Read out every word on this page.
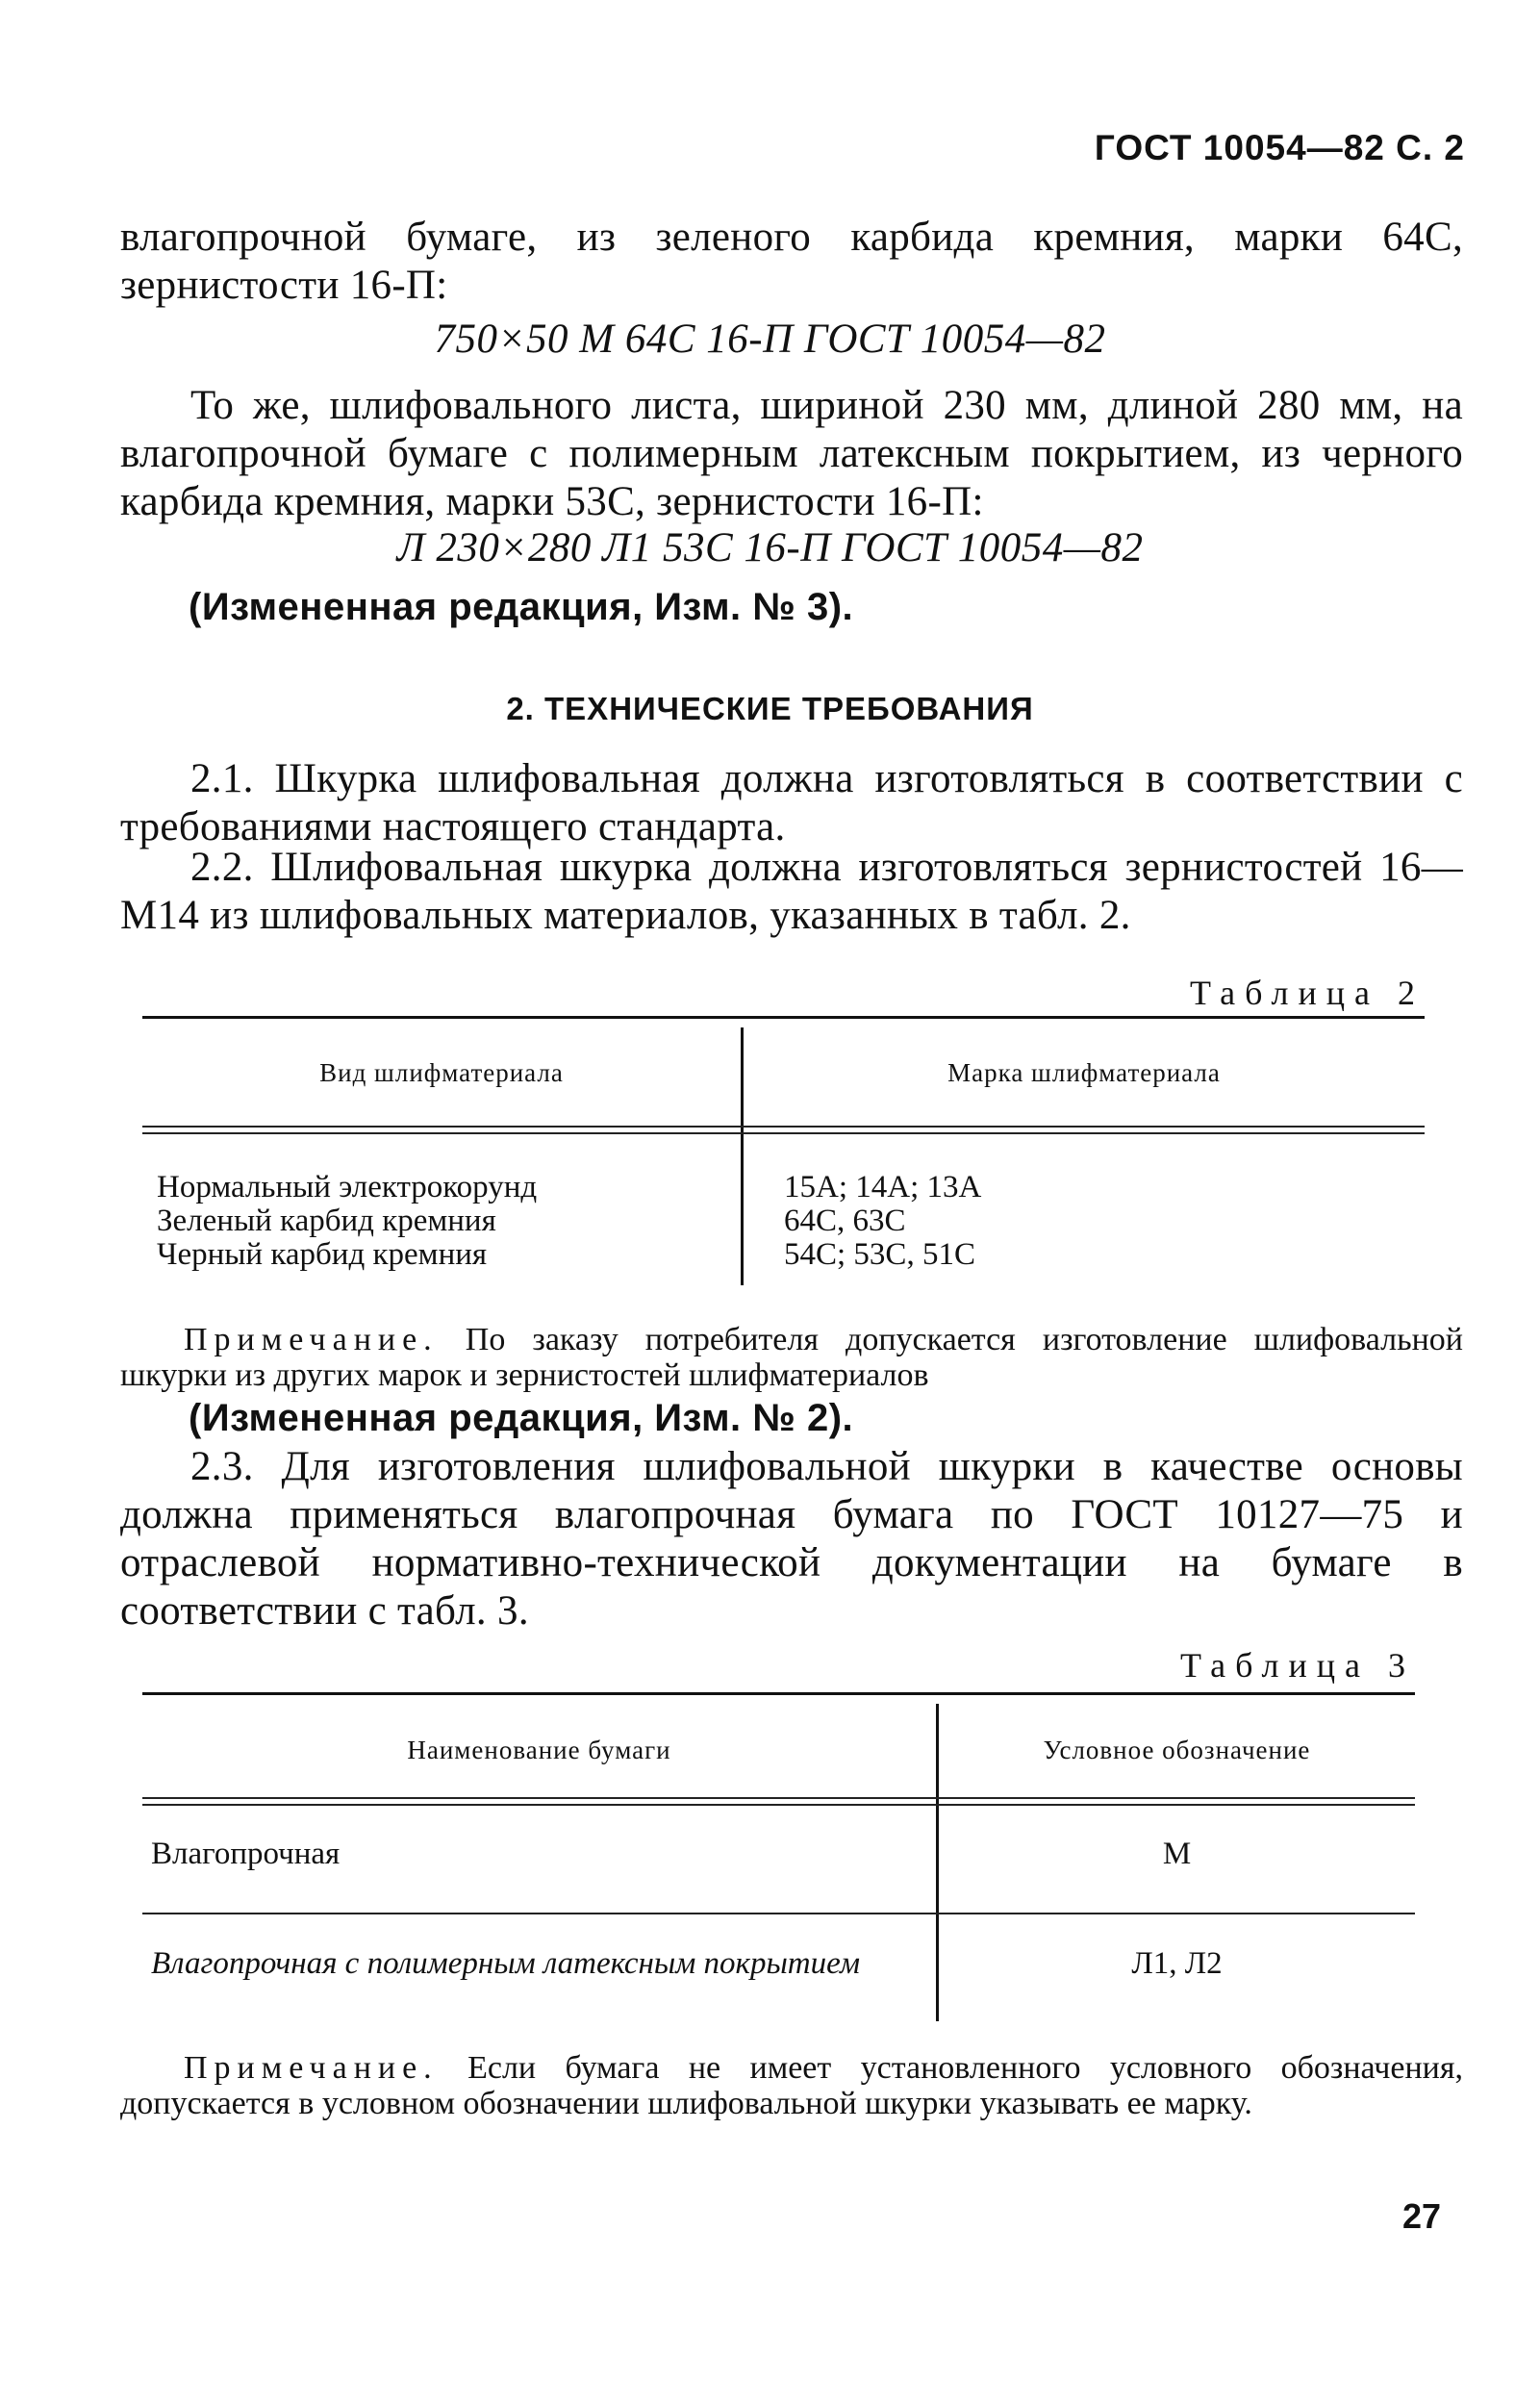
ГОСТ 10054—82 С. 2
влагопрочной бумаге, из зеленого карбида кремния, марки 64С, зернистости 16-П:
750×50 М 64С 16-П ГОСТ 10054—82
То же, шлифовального листа, шириной 230 мм, длиной 280 мм, на влагопрочной бумаге с полимерным латексным покрытием, из черного карбида кремния, марки 53С, зернистости 16-П:
Л 230×280 Л1 53С 16-П ГОСТ 10054—82
(Измененная редакция, Изм. № 3).
2. ТЕХНИЧЕСКИЕ ТРЕБОВАНИЯ
2.1. Шкурка шлифовальная должна изготовляться в соответствии с требованиями настоящего стандарта.
2.2. Шлифовальная шкурка должна изготовляться зернистостей 16—М14 из шлифовальных материалов, указанных в табл. 2.
Таблица 2
Вид шлифматериала	Марка шлифматериала
Нормальный электрокорунд	15А; 14А; 13А
Зеленый карбид кремния	64С, 63С
Черный карбид кремния	54С; 53С, 51С
Примечание. По заказу потребителя допускается изготовление шлифовальной шкурки из других марок и зернистостей шлифматериалов
(Измененная редакция, Изм. № 2).
2.3. Для изготовления шлифовальной шкурки в качестве основы должна применяться влагопрочная бумага по ГОСТ 10127—75 и отраслевой нормативно-технической документации на бумаге в соответствии с табл. 3.
Таблица 3
Наименование бумаги	Условное обозначение
Влагопрочная	М
Влагопрочная с полимерным латексным покрытием	Л1, Л2
Примечание. Если бумага не имеет установленного условного обозначения, допускается в условном обозначении шлифовальной шкурки указывать ее марку.
27
